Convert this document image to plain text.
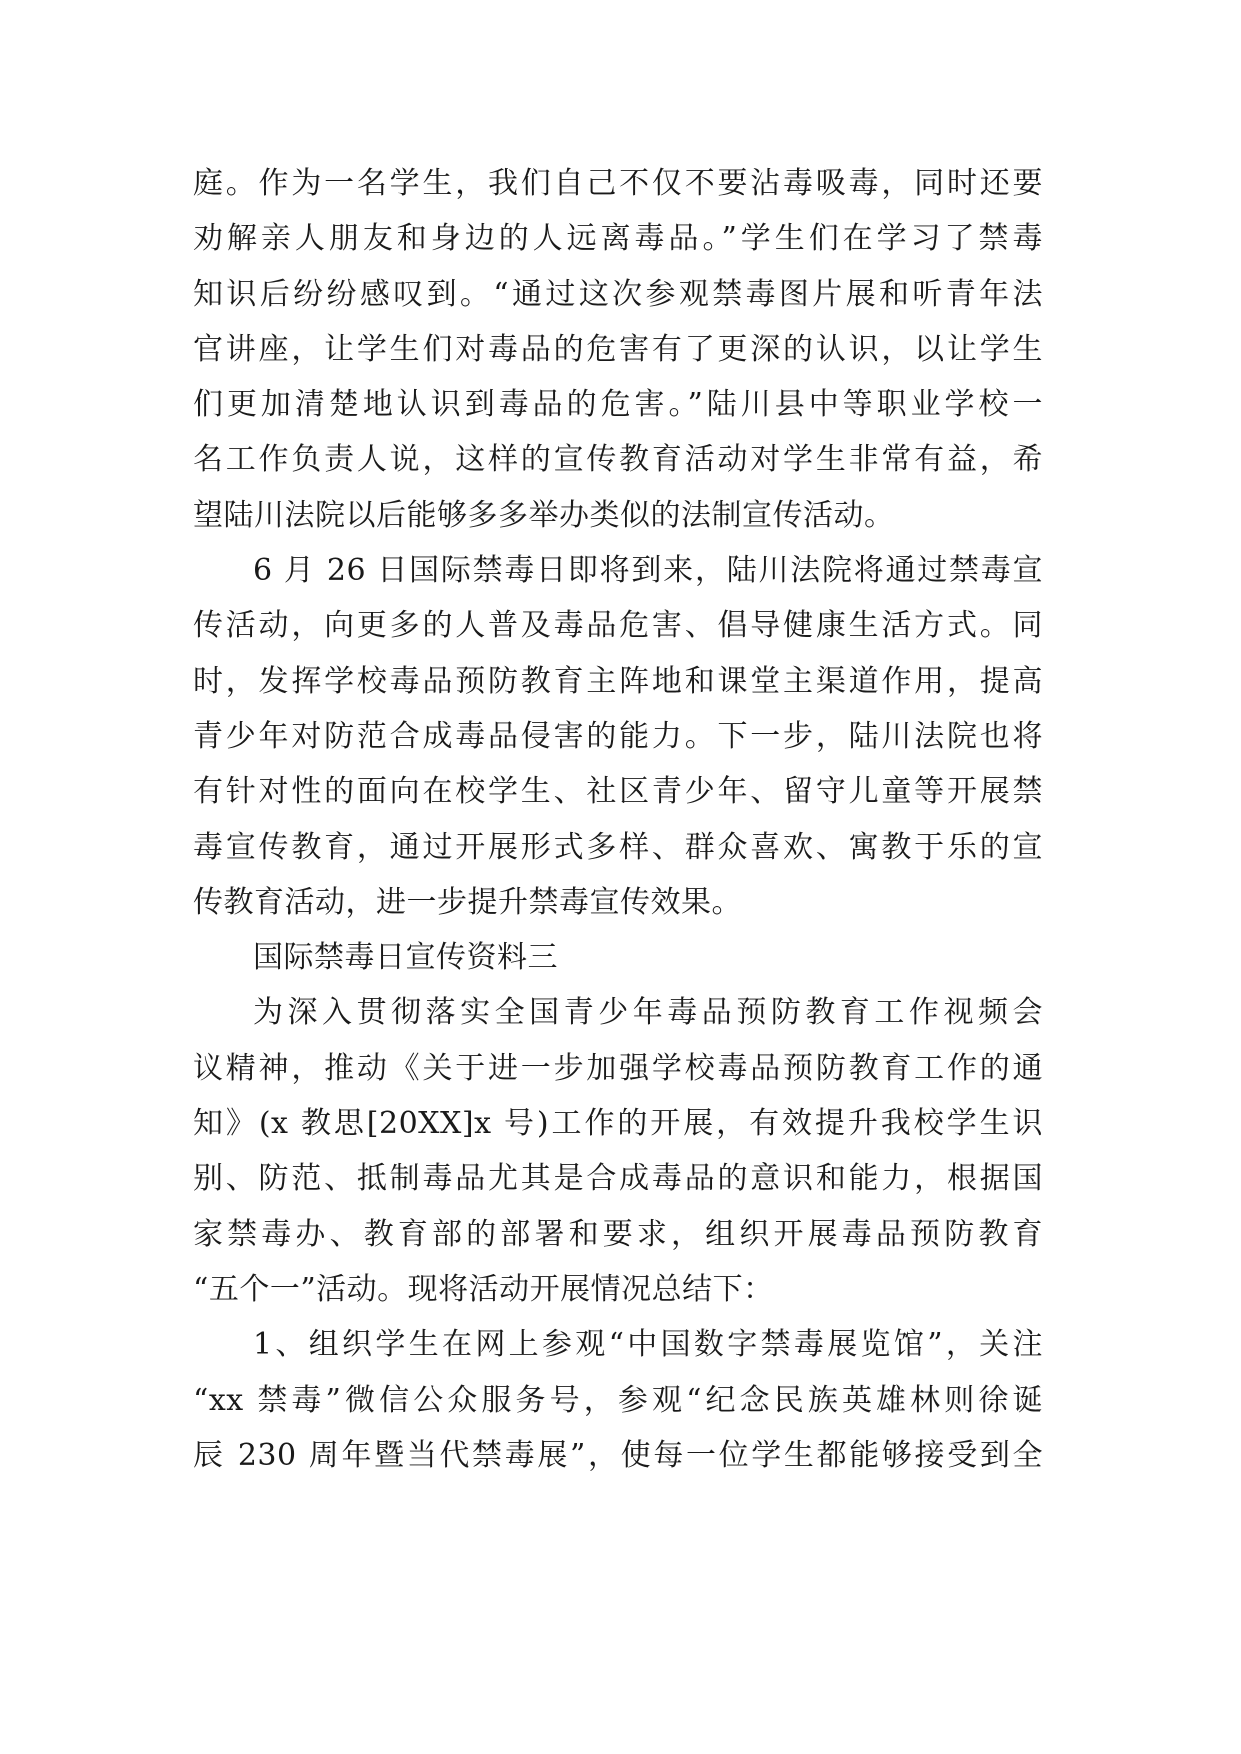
庭。作为一名学生，我们自己不仅不要沾毒吸毒，同时还要
劝解亲人朋友和身边的人远离毒品。”学生们在学习了禁毒
知识后纷纷感叹到。“通过这次参观禁毒图片展和听青年法
官讲座，让学生们对毒品的危害有了更深的认识，以让学生
们更加清楚地认识到毒品的危害。”陆川县中等职业学校一
名工作负责人说，这样的宣传教育活动对学生非常有益，希
望陆川法院以后能够多多举办类似的法制宣传活动。
6 月 26 日国际禁毒日即将到来，陆川法院将通过禁毒宣
传活动，向更多的人普及毒品危害、倡导健康生活方式。同
时，发挥学校毒品预防教育主阵地和课堂主渠道作用，提高
青少年对防范合成毒品侵害的能力。下一步，陆川法院也将
有针对性的面向在校学生、社区青少年、留守儿童等开展禁
毒宣传教育，通过开展形式多样、群众喜欢、寓教于乐的宣
传教育活动，进一步提升禁毒宣传效果。
国际禁毒日宣传资料三
为深入贯彻落实全国青少年毒品预防教育工作视频会
议精神，推动《关于进一步加强学校毒品预防教育工作的通
知》(x 教思[20XX]x 号)工作的开展，有效提升我校学生识
别、防范、抵制毒品尤其是合成毒品的意识和能力，根据国
家禁毒办、教育部的部署和要求，组织开展毒品预防教育
“五个一”活动。现将活动开展情况总结下：
1、组织学生在网上参观“中国数字禁毒展览馆”，关注
“xx 禁毒”微信公众服务号，参观“纪念民族英雄林则徐诞
辰 230 周年暨当代禁毒展”，使每一位学生都能够接受到全
